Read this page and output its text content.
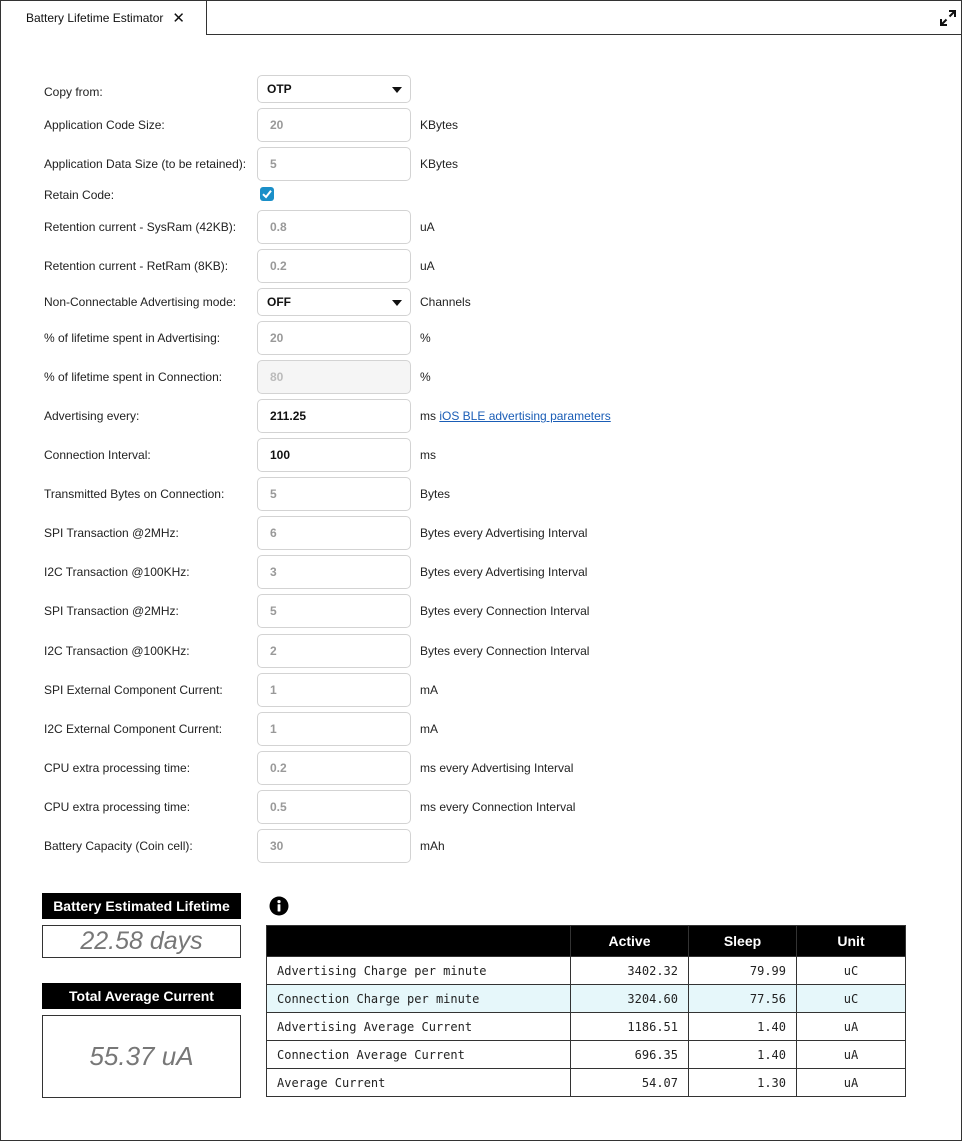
Battery Lifetime Estimator ✕
Copy from:	OTP
Application Code Size:
20	KBytes
Application Data Size (to be retained):
5	KBytes
Retain Code:
Retention current - SysRam (42KB):
0.8	uA
Retention current - RetRam (8KB):
0.2	uA
Non-Connectable Advertising mode:	OFF	Channels
% of lifetime spent in Advertising:
20	%
% of lifetime spent in Connection:
80	%
Advertising every:
211.25	ms iOS BLE advertising parameters
Connection Interval:
100	ms
Transmitted Bytes on Connection:
5	Bytes
SPI Transaction @2MHz:
6	Bytes every Advertising Interval
I2C Transaction @100KHz:
3	Bytes every Advertising Interval
SPI Transaction @2MHz:
5	Bytes every Connection Interval
I2C Transaction @100KHz:
2	Bytes every Connection Interval
SPI External Component Current:
1	mA
I2C External Component Current:
1	mA
CPU extra processing time:
0.2	ms every Advertising Interval
CPU extra processing time:
0.5	ms every Connection Interval
Battery Capacity (Coin cell):
30	mAh
Battery Estimated Lifetime
22.58 days
Total Average Current
55.37 uA
	Active	Sleep	Unit
Advertising Charge per minute	3402.32	79.99	uC
Connection Charge per minute	3204.60	77.56	uC
Advertising Average Current	1186.51	1.40	uA
Connection Average Current	696.35	1.40	uA
Average Current	54.07	1.30	uA
